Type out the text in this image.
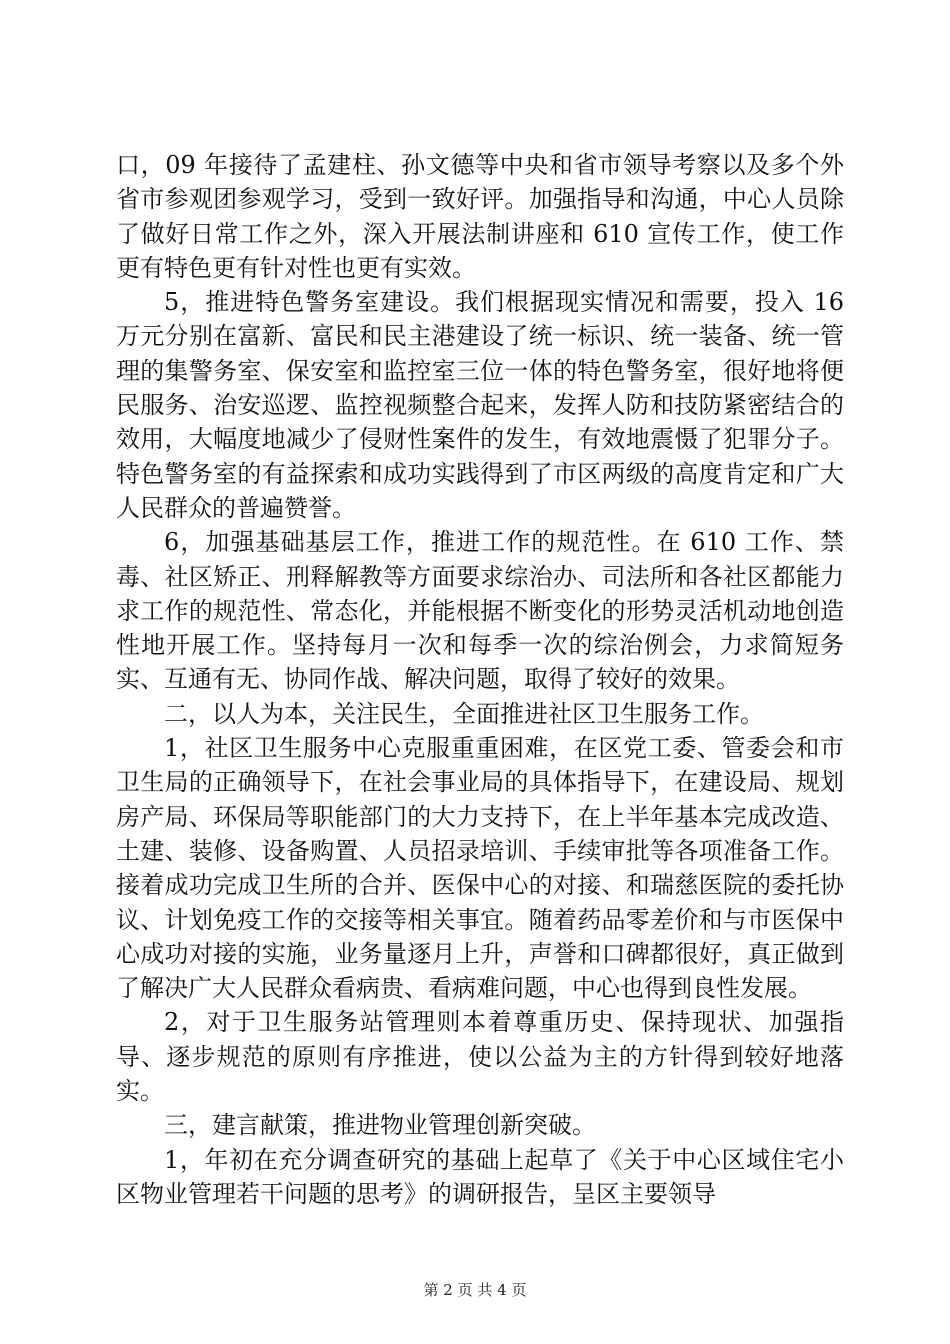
口，09 年接待了孟建柱、孙文德等中央和省市领导考察以及多个外省市参观团参观学习，受到一致好评。加强指导和沟通，中心人员除了做好日常工作之外，深入开展法制讲座和 610 宣传工作，使工作更有特色更有针对性也更有实效。

5，推进特色警务室建设。我们根据现实情况和需要，投入 16 万元分别在富新、富民和民主港建设了统一标识、统一装备、统一管理的集警务室、保安室和监控室三位一体的特色警务室，很好地将便民服务、治安巡逻、监控视频整合起来，发挥人防和技防紧密结合的效用，大幅度地减少了侵财性案件的发生，有效地震慑了犯罪分子。特色警务室的有益探索和成功实践得到了市区两级的高度肯定和广大人民群众的普遍赞誉。

6，加强基础基层工作，推进工作的规范性。在 610 工作、禁毒、社区矫正、刑释解教等方面要求综治办、司法所和各社区都能力求工作的规范性、常态化，并能根据不断变化的形势灵活机动地创造性地开展工作。坚持每月一次和每季一次的综治例会，力求简短务实、互通有无、协同作战、解决问题，取得了较好的效果。

二，以人为本，关注民生，全面推进社区卫生服务工作。

1，社区卫生服务中心克服重重困难，在区党工委、管委会和市卫生局的正确领导下，在社会事业局的具体指导下，在建设局、规划房产局、环保局等职能部门的大力支持下，在上半年基本完成改造、土建、装修、设备购置、人员招录培训、手续审批等各项准备工作。接着成功完成卫生所的合并、医保中心的对接、和瑞慈医院的委托协议、计划免疫工作的交接等相关事宜。随着药品零差价和与市医保中心成功对接的实施，业务量逐月上升，声誉和口碑都很好，真正做到了解决广大人民群众看病贵、看病难问题，中心也得到良性发展。

2，对于卫生服务站管理则本着尊重历史、保持现状、加强指导、逐步规范的原则有序推进，使以公益为主的方针得到较好地落实。

三，建言献策，推进物业管理创新突破。

1，年初在充分调查研究的基础上起草了《关于中心区域住宅小区物业管理若干问题的思考》的调研报告，呈区主要领导

第 2 页 共 4 页
